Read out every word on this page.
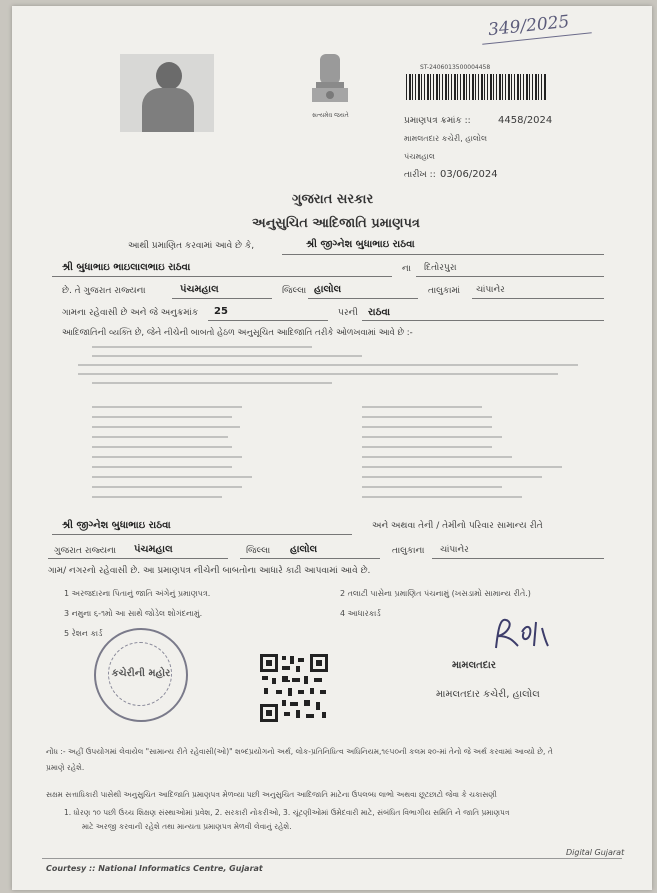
349/2025
સત્યમેવ જયતે
ST-2406013500004458
પ્રમાણપત્ર ક્રમાંક ::	4458/2024
મામલતદાર કચેરી, હાલોલ
પંચમહાલ
તારીખ :: 03/06/2024
ગુજરાત સરકાર
અનુસુચિત આદિજાતિ પ્રમાણપત્ર
આથી પ્રમાણિત કરવામાં આવે છે કે,	શ્રી જીગ્નેશ બુધાભાઇ રાઠવા
શ્રી બુધાભાઇ ભાઇલાલભાઇ રાઠવા	ના દિતોરપુરા
છે. તે ગુજરાત રાજ્યના	પંચમહાલ	જિલ્લા હાલોલ	તાલુકામાં ચાંપાનેર
ગામના રહેવાસી છે અને જે અનુક્રમાંક 25	પરની રાઠવા
આદિજાતિની વ્યક્તિ છે, જેને નીચેની બાબતો હેઠળ અનુસૂચિત આદિજાતિ તરીકે ઓળખવામાં આવે છે :-
શ્રી જીગ્નેશ બુધાભાઇ રાઠવા	અને અથવા તેની / તેમીનો પરિવાર સામાન્ય રીતે
ગુજરાત રાજ્યના પંચમહાલ	જિલ્લા હાલોલ	તાલુકાના ચાંપાનેર
ગામ/ નગરનો રહેવાસી છે. આ પ્રમાણપત્ર નીચેની બાબતોના આધારે કાઢી આપવામાં આવે છે.
1 અરજદારના પિતાનું જાતિ અંગેનું પ્રમાણપત્ર.	2 તલાટી પાસેના પ્રમાણિત પંચનામું (ખસડામો સામાન્ય રીતે.)
3 નમુના ૬-૧મો આ સાથે જોડેલ શોગંદનામું.	4 આધારકાર્ડ
5 રેશન કાર્ડ
કચેરીની મહોર
મામલતદાર
મામલતદાર કચેરી, હાલોલ
નોંધ :- અહીં ઉપયોગમાં લેવાયેલ "સામાન્ય રીતે રહેવાસી(ઓ)" શબ્દપ્રયોગનો અર્થ, લોક-પ્રતિનિધિત્વ અધિનિયમ,૧૯૫૦ની કલમ ૨૦-માં તેનો જે અર્થ કરવામાં આવ્યો છે, તે
પ્રમાણે રહેશે.
સક્ષમ સત્તાધિકારી પાસેથી અનુસુચિત આદિજાતિ પ્રમાણપત્ર મેળવ્યા પછી અનુસુચિત આદિજાતિ માટેના ઉપલબ્ધ લાભો અથવા છૂટછાટો જેવા કે ચકાસણી
1. ધોરણ ૧૦ પછી ઉચ્ચ શિક્ષણ સંસ્થાઓમાં પ્રવેશ, 2. સરકારી નોકરીઓ, 3. ચૂંટણીઓમાં ઉમેદવારી માટે, સંબંધિત વિભાગીય સમિતિ ને જાતિ પ્રમાણપત્ર
માટે અરજી કરવાની રહેશે તથા માન્યતા પ્રમાણપત્ર મેળવી લેવાનું રહેશે.
Courtesy :: National Informatics Centre, Gujarat
Digital Gujarat
